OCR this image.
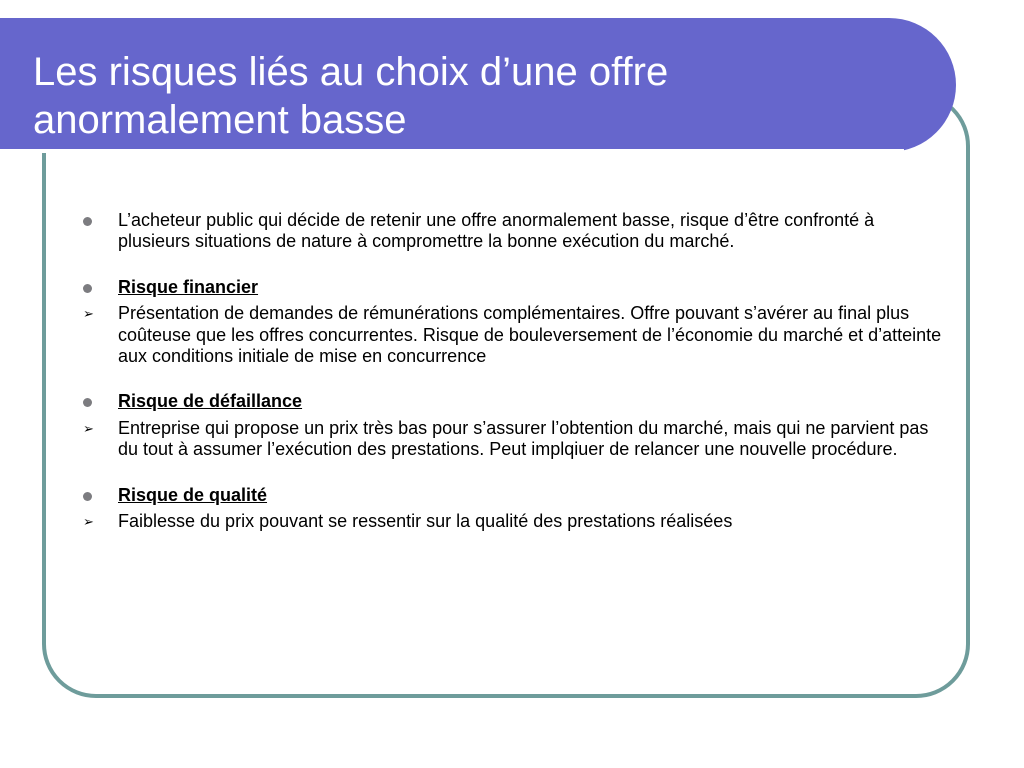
Les risques liés au choix d’une offre anormalement basse
L’acheteur public qui décide de retenir une offre anormalement basse, risque d’être confronté à plusieurs situations de nature à compromettre la bonne exécution du marché.
Risque financier
➢ Présentation de demandes de rémunérations complémentaires. Offre pouvant s’avérer au final plus coûteuse que les offres concurrentes. Risque de bouleversement de l’économie du marché et d’atteinte aux conditions initiale de mise en concurrence
Risque de défaillance
➢ Entreprise qui propose un prix très bas pour s’assurer l’obtention du marché, mais qui ne parvient pas du tout à assumer l’exécution des prestations. Peut implqiuer de relancer une nouvelle procédure.
Risque de qualité
➢ Faiblesse du prix pouvant se ressentir sur la qualité des prestations réalisées
